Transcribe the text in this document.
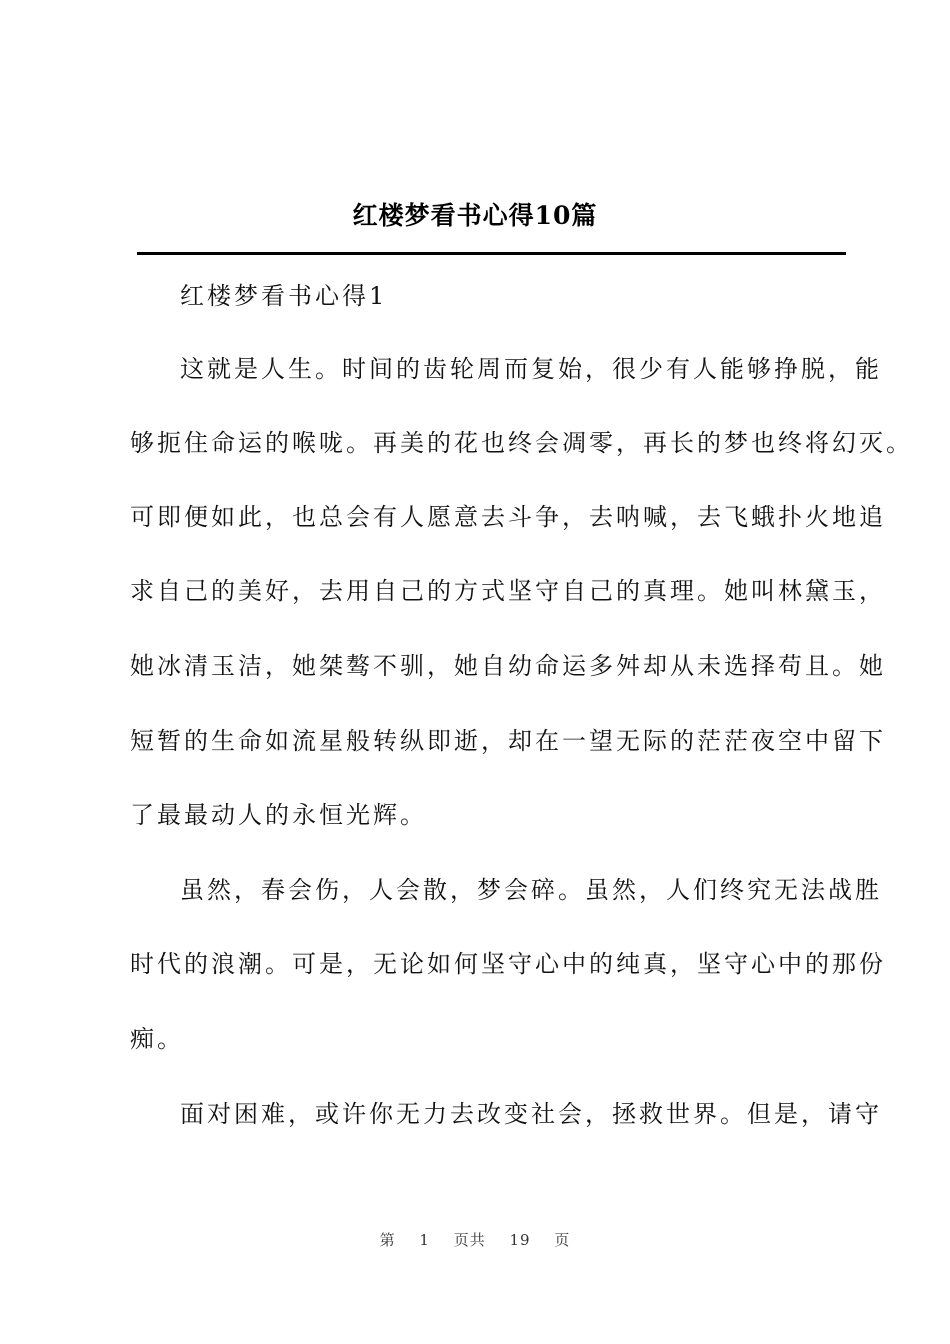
红楼梦看书心得10篇
红楼梦看书心得1
这就是人生。时间的齿轮周而复始，很少有人能够挣脱，能
够扼住命运的喉咙。再美的花也终会凋零，再长的梦也终将幻灭。
可即便如此，也总会有人愿意去斗争，去呐喊，去飞蛾扑火地追
求自己的美好，去用自己的方式坚守自己的真理。她叫林黛玉，
她冰清玉洁，她桀骜不驯，她自幼命运多舛却从未选择苟且。她
短暂的生命如流星般转纵即逝，却在一望无际的茫茫夜空中留下
了最最动人的永恒光辉。
虽然，春会伤，人会散，梦会碎。虽然，人们终究无法战胜
时代的浪潮。可是，无论如何坚守心中的纯真，坚守心中的那份
痴。
面对困难，或许你无力去改变社会，拯救世界。但是，请守
第 1 页共 19 页
